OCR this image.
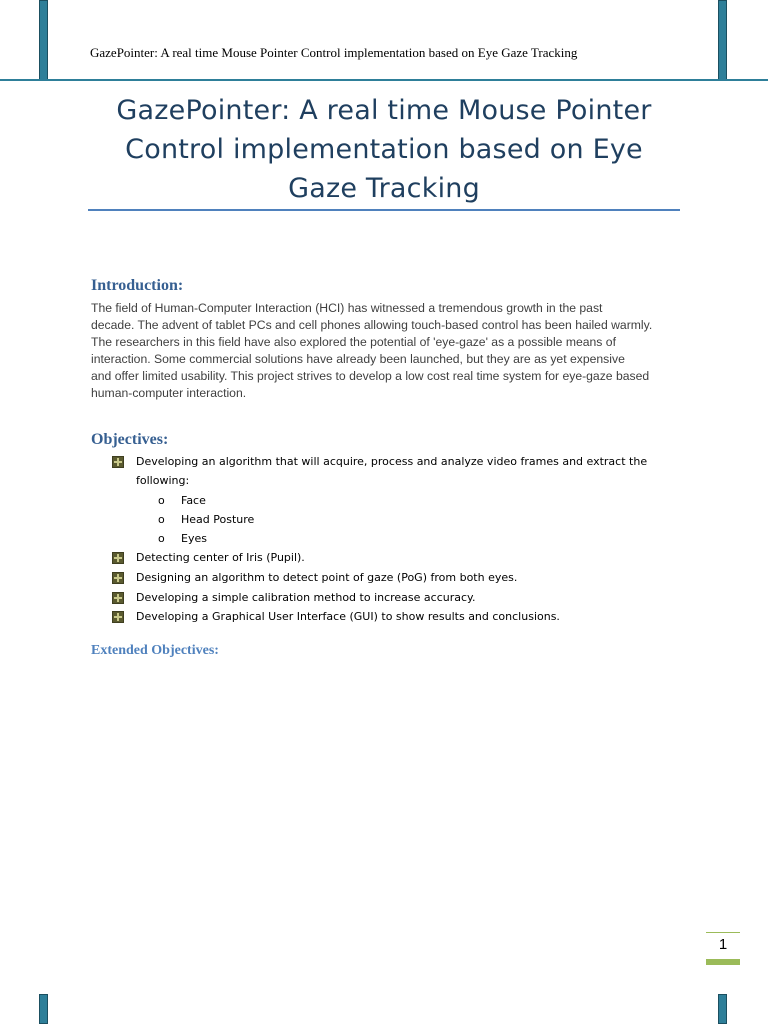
GazePointer: A real time Mouse Pointer Control implementation based on Eye Gaze Tracking
GazePointer: A real time Mouse Pointer Control implementation based on Eye Gaze Tracking
Introduction:
The field of Human-Computer Interaction (HCI) has witnessed a tremendous growth in the past
decade. The advent of tablet PCs and cell phones allowing touch-based control has been hailed warmly.
The researchers in this field have also explored the potential of 'eye-gaze' as a possible means of
interaction. Some commercial solutions have already been launched, but they are as yet expensive
and offer limited usability. This project strives to develop a low cost real time system for eye-gaze based
human-computer interaction.
Objectives:
Developing an algorithm that will acquire, process and analyze video frames and extract the
following:
o Face
o Head Posture
o Eyes
Detecting center of Iris (Pupil).
Designing an algorithm to detect point of gaze (PoG) from both eyes.
Developing a simple calibration method to increase accuracy.
Developing a Graphical User Interface (GUI) to show results and conclusions.
Extended Objectives:
1
